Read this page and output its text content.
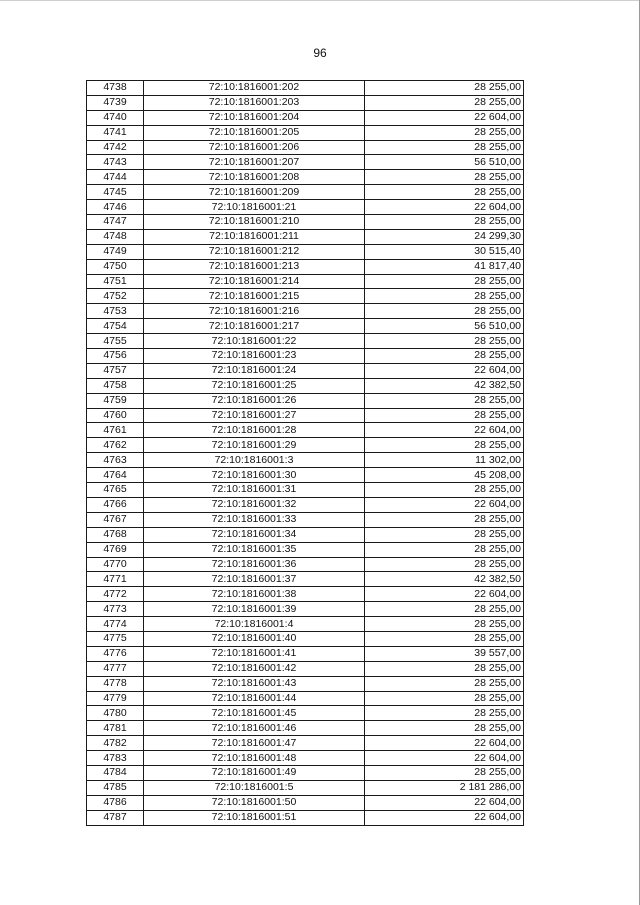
96
4738	72:10:1816001:202	28 255,00
4739	72:10:1816001:203	28 255,00
4740	72:10:1816001:204	22 604,00
4741	72:10:1816001:205	28 255,00
4742	72:10:1816001:206	28 255,00
4743	72:10:1816001:207	56 510,00
4744	72:10:1816001:208	28 255,00
4745	72:10:1816001:209	28 255,00
4746	72:10:1816001:21	22 604,00
4747	72:10:1816001:210	28 255,00
4748	72:10:1816001:211	24 299,30
4749	72:10:1816001:212	30 515,40
4750	72:10:1816001:213	41 817,40
4751	72:10:1816001:214	28 255,00
4752	72:10:1816001:215	28 255,00
4753	72:10:1816001:216	28 255,00
4754	72:10:1816001:217	56 510,00
4755	72:10:1816001:22	28 255,00
4756	72:10:1816001:23	28 255,00
4757	72:10:1816001:24	22 604,00
4758	72:10:1816001:25	42 382,50
4759	72:10:1816001:26	28 255,00
4760	72:10:1816001:27	28 255,00
4761	72:10:1816001:28	22 604,00
4762	72:10:1816001:29	28 255,00
4763	72:10:1816001:3	11 302,00
4764	72:10:1816001:30	45 208,00
4765	72:10:1816001:31	28 255,00
4766	72:10:1816001:32	22 604,00
4767	72:10:1816001:33	28 255,00
4768	72:10:1816001:34	28 255,00
4769	72:10:1816001:35	28 255,00
4770	72:10:1816001:36	28 255,00
4771	72:10:1816001:37	42 382,50
4772	72:10:1816001:38	22 604,00
4773	72:10:1816001:39	28 255,00
4774	72:10:1816001:4	28 255,00
4775	72:10:1816001:40	28 255,00
4776	72:10:1816001:41	39 557,00
4777	72:10:1816001:42	28 255,00
4778	72:10:1816001:43	28 255,00
4779	72:10:1816001:44	28 255,00
4780	72:10:1816001:45	28 255,00
4781	72:10:1816001:46	28 255,00
4782	72:10:1816001:47	22 604,00
4783	72:10:1816001:48	22 604,00
4784	72:10:1816001:49	28 255,00
4785	72:10:1816001:5	2 181 286,00
4786	72:10:1816001:50	22 604,00
4787	72:10:1816001:51	22 604,00
